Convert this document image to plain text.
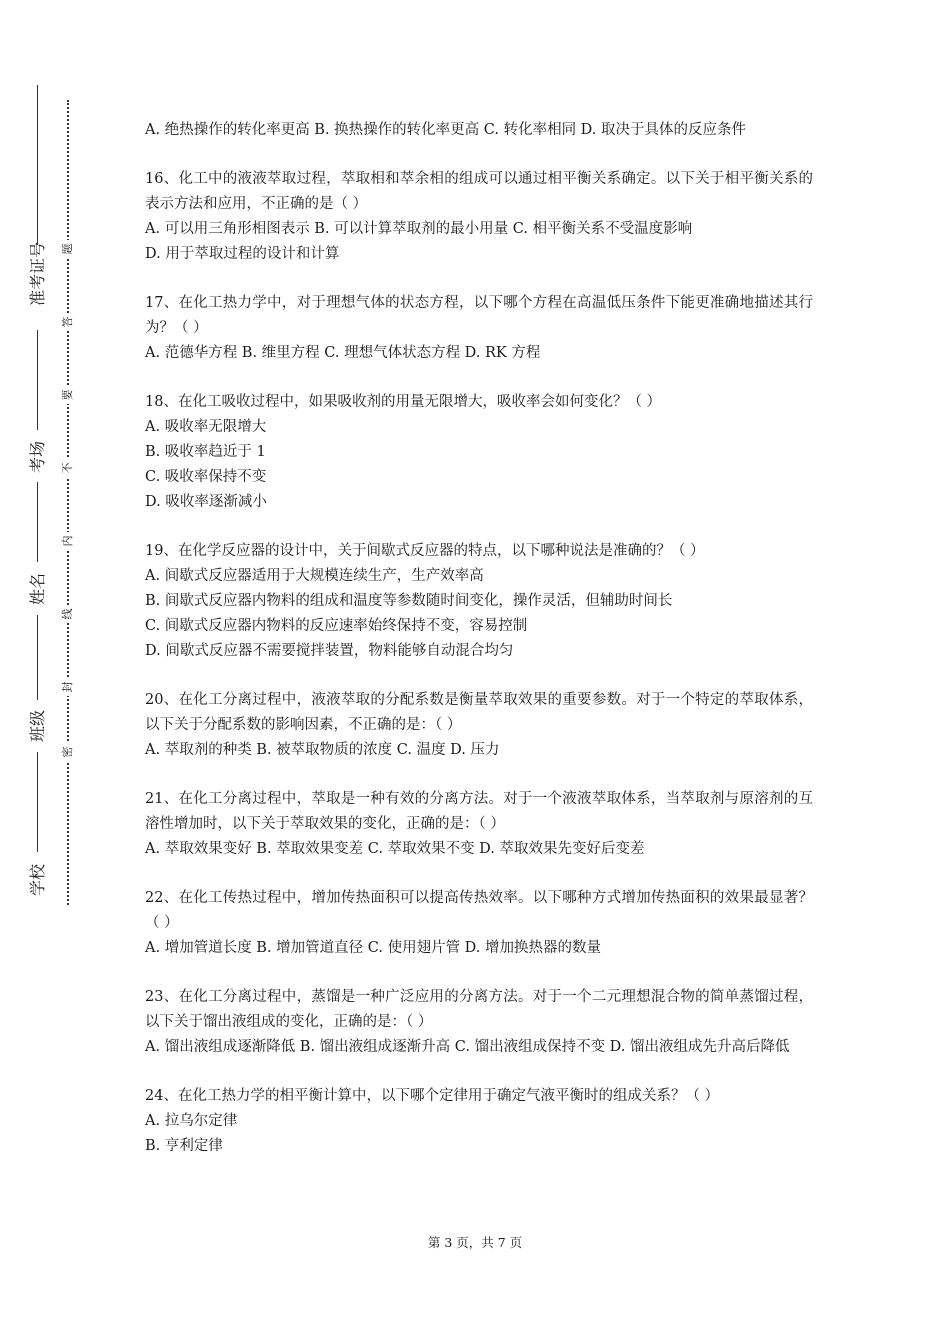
准考证号
考场
姓名
班级
学校
题
答
要
不
内
线
封
密

A. 绝热操作的转化率更高 B. 换热操作的转化率更高 C. 转化率相同 D. 取决于具体的反应条件

16、化工中的液液萃取过程，萃取相和萃余相的组成可以通过相平衡关系确定。以下关于相平衡关系的表示方法和应用，不正确的是（ ）

A. 可以用三角形相图表示 B. 可以计算萃取剂的最小用量 C. 相平衡关系不受温度影响

D. 用于萃取过程的设计和计算

17、在化工热力学中，对于理想气体的状态方程，以下哪个方程在高温低压条件下能更准确地描述其行为？（ ）

A. 范德华方程 B. 维里方程 C. 理想气体状态方程 D. RK 方程

18、在化工吸收过程中，如果吸收剂的用量无限增大，吸收率会如何变化？（ ）

A. 吸收率无限增大

B. 吸收率趋近于 1

C. 吸收率保持不变

D. 吸收率逐渐减小

19、在化学反应器的设计中，关于间歇式反应器的特点，以下哪种说法是准确的？（ ）

A. 间歇式反应器适用于大规模连续生产，生产效率高

B. 间歇式反应器内物料的组成和温度等参数随时间变化，操作灵活，但辅助时间长

C. 间歇式反应器内物料的反应速率始终保持不变，容易控制

D. 间歇式反应器不需要搅拌装置，物料能够自动混合均匀

20、在化工分离过程中，液液萃取的分配系数是衡量萃取效果的重要参数。对于一个特定的萃取体系，以下关于分配系数的影响因素，不正确的是：（ ）

A. 萃取剂的种类 B. 被萃取物质的浓度 C. 温度 D. 压力

21、在化工分离过程中，萃取是一种有效的分离方法。对于一个液液萃取体系，当萃取剂与原溶剂的互溶性增加时，以下关于萃取效果的变化，正确的是：（ ）

A. 萃取效果变好 B. 萃取效果变差 C. 萃取效果不变 D. 萃取效果先变好后变差

22、在化工传热过程中，增加传热面积可以提高传热效率。以下哪种方式增加传热面积的效果最显著？（ ）

A. 增加管道长度 B. 增加管道直径 C. 使用翅片管 D. 增加换热器的数量

23、在化工分离过程中，蒸馏是一种广泛应用的分离方法。对于一个二元理想混合物的简单蒸馏过程，以下关于馏出液组成的变化，正确的是：（ ）

A. 馏出液组成逐渐降低 B. 馏出液组成逐渐升高 C. 馏出液组成保持不变 D. 馏出液组成先升高后降低

24、在化工热力学的相平衡计算中，以下哪个定律用于确定气液平衡时的组成关系？（ ）

A. 拉乌尔定律

B. 亨利定律

第 3 页，共 7 页
